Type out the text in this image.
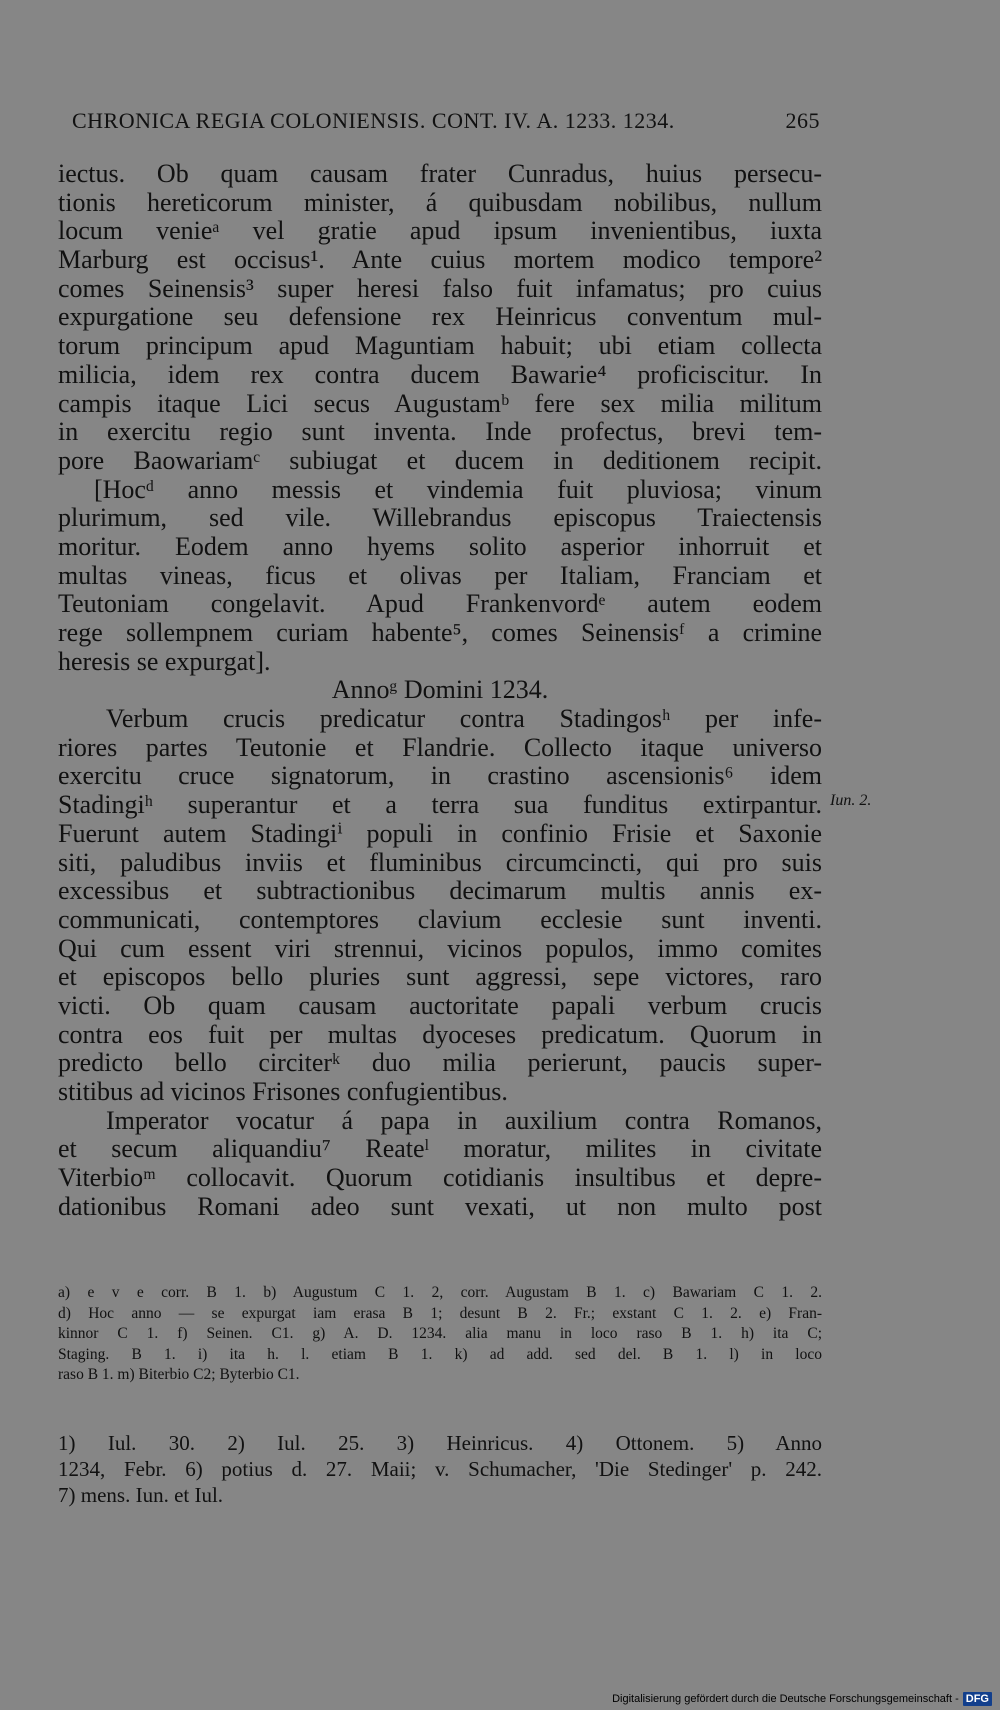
CHRONICA REGIA COLONIENSIS. CONT. IV. A. 1233. 1234.	265
iectus. Ob quam causam frater Cunradus, huius persecu-
tionis hereticorum minister, á quibusdam nobilibus, nullum
locum venieᵃ vel gratie apud ipsum invenientibus, iuxta
Marburg est occisus¹. Ante cuius mortem modico tempore²
comes Seinensis³ super heresi falso fuit infamatus; pro cuius
expurgatione seu defensione rex Heinricus conventum mul-
torum principum apud Maguntiam habuit; ubi etiam collecta
milicia, idem rex contra ducem Bawarie⁴ proficiscitur. In
campis itaque Lici secus Augustamᵇ fere sex milia militum
in exercitu regio sunt inventa. Inde profectus, brevi tem-
pore Baowariamᶜ subiugat et ducem in deditionem recipit.
[Hocᵈ anno messis et vindemia fuit pluviosa; vinum
plurimum, sed vile. Willebrandus episcopus Traiectensis
moritur. Eodem anno hyems solito asperior inhorruit et
multas vineas, ficus et olivas per Italiam, Franciam et
Teutoniam congelavit. Apud Frankenvordᵉ autem eodem
rege sollempnem curiam habente⁵, comes Seinensisᶠ a crimine
heresis se expurgat].
Annoᵍ Domini 1234.
Verbum crucis predicatur contra Stadingosʰ per infe-
riores partes Teutonie et Flandrie. Collecto itaque universo
exercitu cruce signatorum, in crastino ascensionis⁶ idem
Stadingiʰ superantur et a terra sua funditus extirpantur.
Fuerunt autem Stadingiⁱ populi in confinio Frisie et Saxonie
siti, paludibus inviis et fluminibus circumcincti, qui pro suis
excessibus et subtractionibus decimarum multis annis ex-
communicati, contemptores clavium ecclesie sunt inventi.
Qui cum essent viri strennui, vicinos populos, immo comites
et episcopos bello pluries sunt aggressi, sepe victores, raro
victi. Ob quam causam auctoritate papali verbum crucis
contra eos fuit per multas dyoceses predicatum. Quorum in
predicto bello circiterᵏ duo milia perierunt, paucis super-
stitibus ad vicinos Frisones confugientibus.
Imperator vocatur á papa in auxilium contra Romanos,
et secum aliquandiu⁷ Reateˡ moratur, milites in civitate
Viterbioᵐ collocavit. Quorum cotidianis insultibus et depre-
dationibus Romani adeo sunt vexati, ut non multo post
Iun. 2.
a) e v e corr. B 1. b) Augustum C 1. 2, corr. Augustam B 1. c) Bawariam C 1. 2.
d) Hoc anno — se expurgat iam erasa B 1; desunt B 2. Fr.; exstant C 1. 2. e) Fran-
kinnor C 1. f) Seinen. C1. g) A. D. 1234. alia manu in loco raso B 1. h) ita C;
Staging. B 1. i) ita h. l. etiam B 1. k) ad add. sed del. B 1. l) in loco
raso B 1. m) Biterbio C2; Byterbio C1.
1) Iul. 30. 2) Iul. 25. 3) Heinricus. 4) Ottonem. 5) Anno
1234, Febr. 6) potius d. 27. Maii; v. Schumacher, 'Die Stedinger' p. 242.
7) mens. Iun. et Iul.
Digitalisierung gefördert durch die Deutsche Forschungsgemeinschaft - DFG
